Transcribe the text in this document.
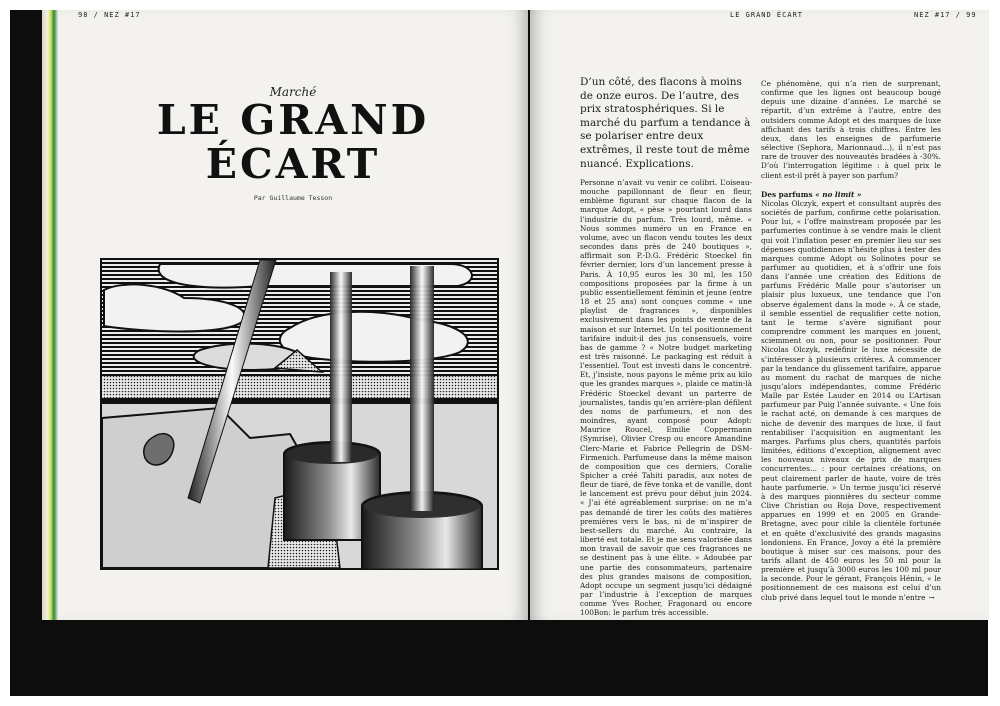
98 / NEZ #17
Marché
LE GRAND
ÉCART
Par Guillaume Tesson
LE GRAND ÉCART	NEZ #17 / 99

D’un côté, des flacons à moins de onze euros. De l’autre, des prix stratosphériques. Si le marché du parfum a tendance à se polariser entre deux extrêmes, il reste tout de même nuancé. Explications.

Personne n’avait vu venir ce colibri. L’oiseau-mouche papillonnant de fleur en fleur, emblème figurant sur chaque flacon de la marque Adopt, « pèse » pourtant lourd dans l’industrie du parfum. Très lourd, même. « Nous sommes numéro un en France en volume, avec un flacon vendu toutes les deux secondes dans près de 240 boutiques », affirmait son P.-D.G. Frédéric Stoeckel fin février dernier, lors d’un lancement presse à Paris. À 10,95 euros les 30 ml, les 150 compositions proposées par la firme à un public essentiellement féminin et jeune (entre 18 et 25 ans) sont conçues comme « une playlist de fragrances », disponibles exclusivement dans les points de vente de la maison et sur Internet. Un tel positionnement tarifaire induit-il des jus consensuels, voire bas de gamme ? « Notre budget marketing est très raisonné. Le packaging est réduit à l’essentiel. Tout est investi dans le concentré. Et, j’insiste, nous payons le même prix au kilo que les grandes marques », plaide ce matin-là Frédéric Stoeckel devant un parterre de journalistes, tandis qu’en arrière-plan défilent des noms de parfumeurs, et non des moindres, ayant composé pour Adopt: Maurice Roucel, Emilie Coppermann (Symrise), Olivier Cresp ou encore Amandine Clerc-Marie et Fabrice Pellegrin de DSM-Firmenich. Parfumeuse dans la même maison de composition que ces derniers, Coralie Spicher a créé Tahiti paradis, aux notes de fleur de tiaré, de fève tonka et de vanille, dont le lancement est prévu pour début juin 2024. « J’ai été agréablement surprise: on ne m’a pas demandé de tirer les coûts des matières premières vers le bas, ni de m’inspirer de best-sellers du marché. Au contraire, la liberté est totale. Et je me sens valorisée dans mon travail de savoir que ces fragrances ne se destinent pas à une élite. » Adoubée par une partie des consommateurs, partenaire des plus grandes maisons de composition, Adopt occupe un segment jusqu’ici dédaigné par l’industrie à l’exception de marques comme Yves Rocher, Fragonard ou encore 100Bon: le parfum très accessible.

Ce phénomène, qui n’a rien de surprenant, confirme que les lignes ont beaucoup bougé depuis une dizaine d’années. Le marché se répartit, d’un extrême à l’autre, entre des outsiders comme Adopt et des marques de luxe affichant des tarifs à trois chiffres. Entre les deux, dans les enseignes de parfumerie sélective (Sephora, Marionnaud...), il n’est pas rare de trouver des nouveautés bradées à -30%. D’où l’interrogation légitime : à quel prix le client est-il prêt à payer son parfum?

Des parfums « no limit »

Nicolas Olczyk, expert et consultant auprès des sociétés de parfum, confirme cette polarisation. Pour lui, « l’offre mainstream proposée par les parfumeries continue à se vendre mais le client qui voit l’inflation peser en premier lieu sur ses dépenses quotidiennes n’hésite plus à tester des marques comme Adopt ou Solinotes pour se parfumer au quotidien, et à s’offrir une fois dans l’année une création des Editions de parfums Frédéric Malle pour s’autoriser un plaisir plus luxueux, une tendance que l’on observe également dans la mode ». À ce stade, il semble essentiel de requalifier cette notion, tant le terme s’avère signifiant pour comprendre comment les marques en jouent, sciemment ou non, pour se positionner. Pour Nicolas Olczyk, redéfinir le luxe nécessite de s’intéresser à plusieurs critères. À commencer par la tendance du glissement tarifaire, apparue au moment du rachat de marques de niche jusqu’alors indépendantes, comme Frédéric Malle par Estée Lauder en 2014 ou L’Artisan parfumeur par Puig l’année suivante. « Une fois le rachat acté, on demande à ces marques de niche de devenir des marques de luxe, il faut rentabiliser l’acquisition en augmentant les marges. Parfums plus chers, quantités parfois limitées, éditions d’exception, alignement avec les nouveaux niveaux de prix de marques concurrentes... : pour certaines créations, on peut clairement parler de haute, voire de très haute parfumerie. » Un terme jusqu’ici réservé à des marques pionnières du secteur comme Clive Christian ou Roja Dove, respectivement apparues en 1999 et en 2005 en Grande-Bretagne, avec pour cible la clientèle fortunée et en quête d’exclusivité des grands magasins londoniens. En France, Jovoy a été la première boutique à miser sur ces maisons, pour des tarifs allant de 450 euros les 50 ml pour la première et jusqu’à 3000 euros les 100 ml pour la seconde. Pour le gérant, François Hénin, « le positionnement de ces maisons est celui d’un club privé dans lequel tout le monde n’entre →
